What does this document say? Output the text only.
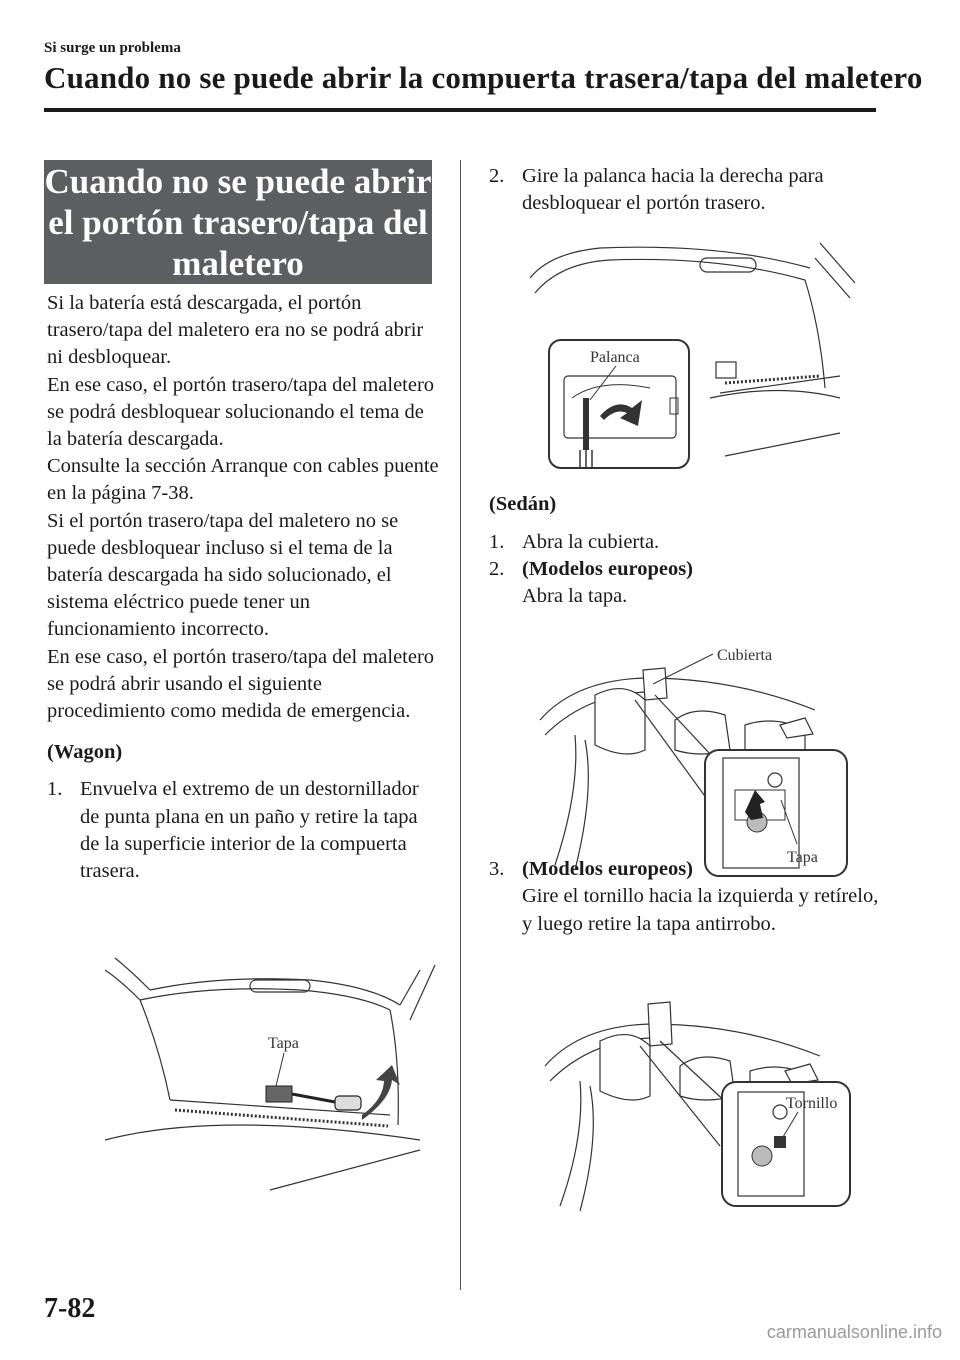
Si surge un problema
Cuando no se puede abrir la compuerta trasera/tapa del maletero
Cuando no se puede abrir
el portón trasero/tapa del
maletero

Si la batería está descargada, el portón trasero/tapa del maletero era no se podrá abrir ni desbloquear.

En ese caso, el portón trasero/tapa del maletero se podrá desbloquear solucionando el tema de la batería descargada.

Consulte la sección Arranque con cables puente en la página 7-38.

Si el portón trasero/tapa del maletero no se puede desbloquear incluso si el tema de la batería descargada ha sido solucionado, el sistema eléctrico puede tener un funcionamiento incorrecto.

En ese caso, el portón trasero/tapa del maletero se podrá abrir usando el siguiente procedimiento como medida de emergencia.

(Wagon)
1. Envuelva el extremo de un destornillador de punta plana en un paño y retire la tapa de la superficie interior de la compuerta trasera.
Tapa
2. Gire la palanca hacia la derecha para desbloquear el portón trasero.
(Sedán)
1. Abra la cubierta.
2. (Modelos europeos)
Abra la tapa.
3. (Modelos europeos)
Gire el tornillo hacia la izquierda y retírelo, y luego retire la tapa antirrobo.
Palanca
Cubierta
Tapa
Tornillo
7-82
carmanualsonline.info
